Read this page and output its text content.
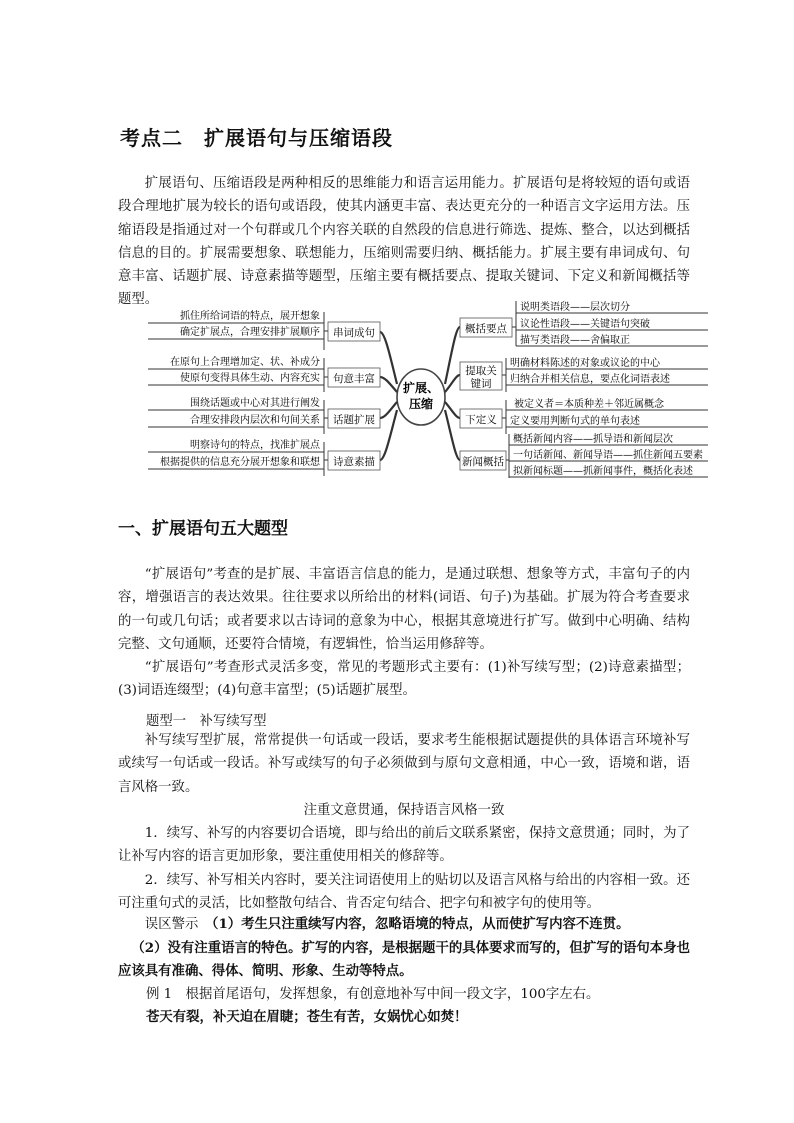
考点二　扩展语句与压缩语段

扩展语句、压缩语段是两种相反的思维能力和语言运用能力。扩展语句是将较短的语句或语段合理地扩展为较长的语句或语段，使其内涵更丰富、表达更充分的一种语言文字运用方法。压缩语段是指通过对一个句群或几个内容关联的自然段的信息进行筛选、提炼、整合，以达到概括信息的目的。扩展需要想象、联想能力，压缩则需要归纳、概括能力。扩展主要有串词成句、句意丰富、话题扩展、诗意素描等题型，压缩主要有概括要点、提取关键词、下定义和新闻概括等题型。

扩展、
压缩
串词成句
抓住所给词语的特点，展开想象
确定扩展点，合理安排扩展顺序
句意丰富
在原句上合理增加定、状、补成分
使原句变得具体生动、内容充实
话题扩展
围绕话题或中心对其进行阐发
合理安排段内层次和句间关系
诗意素描
明察诗句的特点，找准扩展点
根据提供的信息充分展开想象和联想
概括要点
说明类语段——层次切分
议论性语段——关键语句突破
描写类语段——舍偏取正
提取关
键词
明确材料陈述的对象或议论的中心
归纳合并相关信息，要点化词语表述
下定义
被定义者＝本质种差＋邻近属概念
定义要用判断句式的单句表述
新闻概括
概括新闻内容——抓导语和新闻层次
一句话新闻、新闻导语——抓住新闻五要素
拟新闻标题——抓新闻事件，概括化表述
一、扩展语句五大题型

“扩展语句”考查的是扩展、丰富语言信息的能力，是通过联想、想象等方式，丰富句子的内容，增强语言的表达效果。往往要求以所给出的材料(词语、句子)为基础。扩展为符合考查要求的一句或几句话；或者要求以古诗词的意象为中心，根据其意境进行扩写。做到中心明确、结构完整、文句通顺，还要符合情境，有逻辑性，恰当运用修辞等。

“扩展语句”考查形式灵活多变，常见的考题形式主要有：(1)补写续写型；(2)诗意素描型；(3)词语连缀型；(4)句意丰富型；(5)话题扩展型。

题型一　补写续写型

补写续写型扩展，常常提供一句话或一段话，要求考生能根据试题提供的具体语言环境补写或续写一句话或一段话。补写或续写的句子必须做到与原句文意相通，中心一致，语境和谐，语言风格一致。

注重文意贯通，保持语言风格一致

1．续写、补写的内容要切合语境，即与给出的前后文联系紧密，保持文意贯通；同时，为了让补写内容的语言更加形象，要注重使用相关的修辞等。

2．续写、补写相关内容时，要关注词语使用上的贴切以及语言风格与给出的内容相一致。还可注重句式的灵活，比如整散句结合、肯否定句结合、把字句和被字句的使用等。

误区警示　 （1）考生只注重续写内容，忽略语境的特点，从而使扩写内容不连贯。

（2）没有注重语言的特色。扩写的内容，是根据题干的具体要求而写的，但扩写的语句本身也应该具有准确、得体、简明、形象、生动等特点。

例 1　根据首尾语句，发挥想象，有创意地补写中间一段文字，100字左右。
苍天有裂，补天迫在眉睫；苍生有苦，女娲忧心如焚！
